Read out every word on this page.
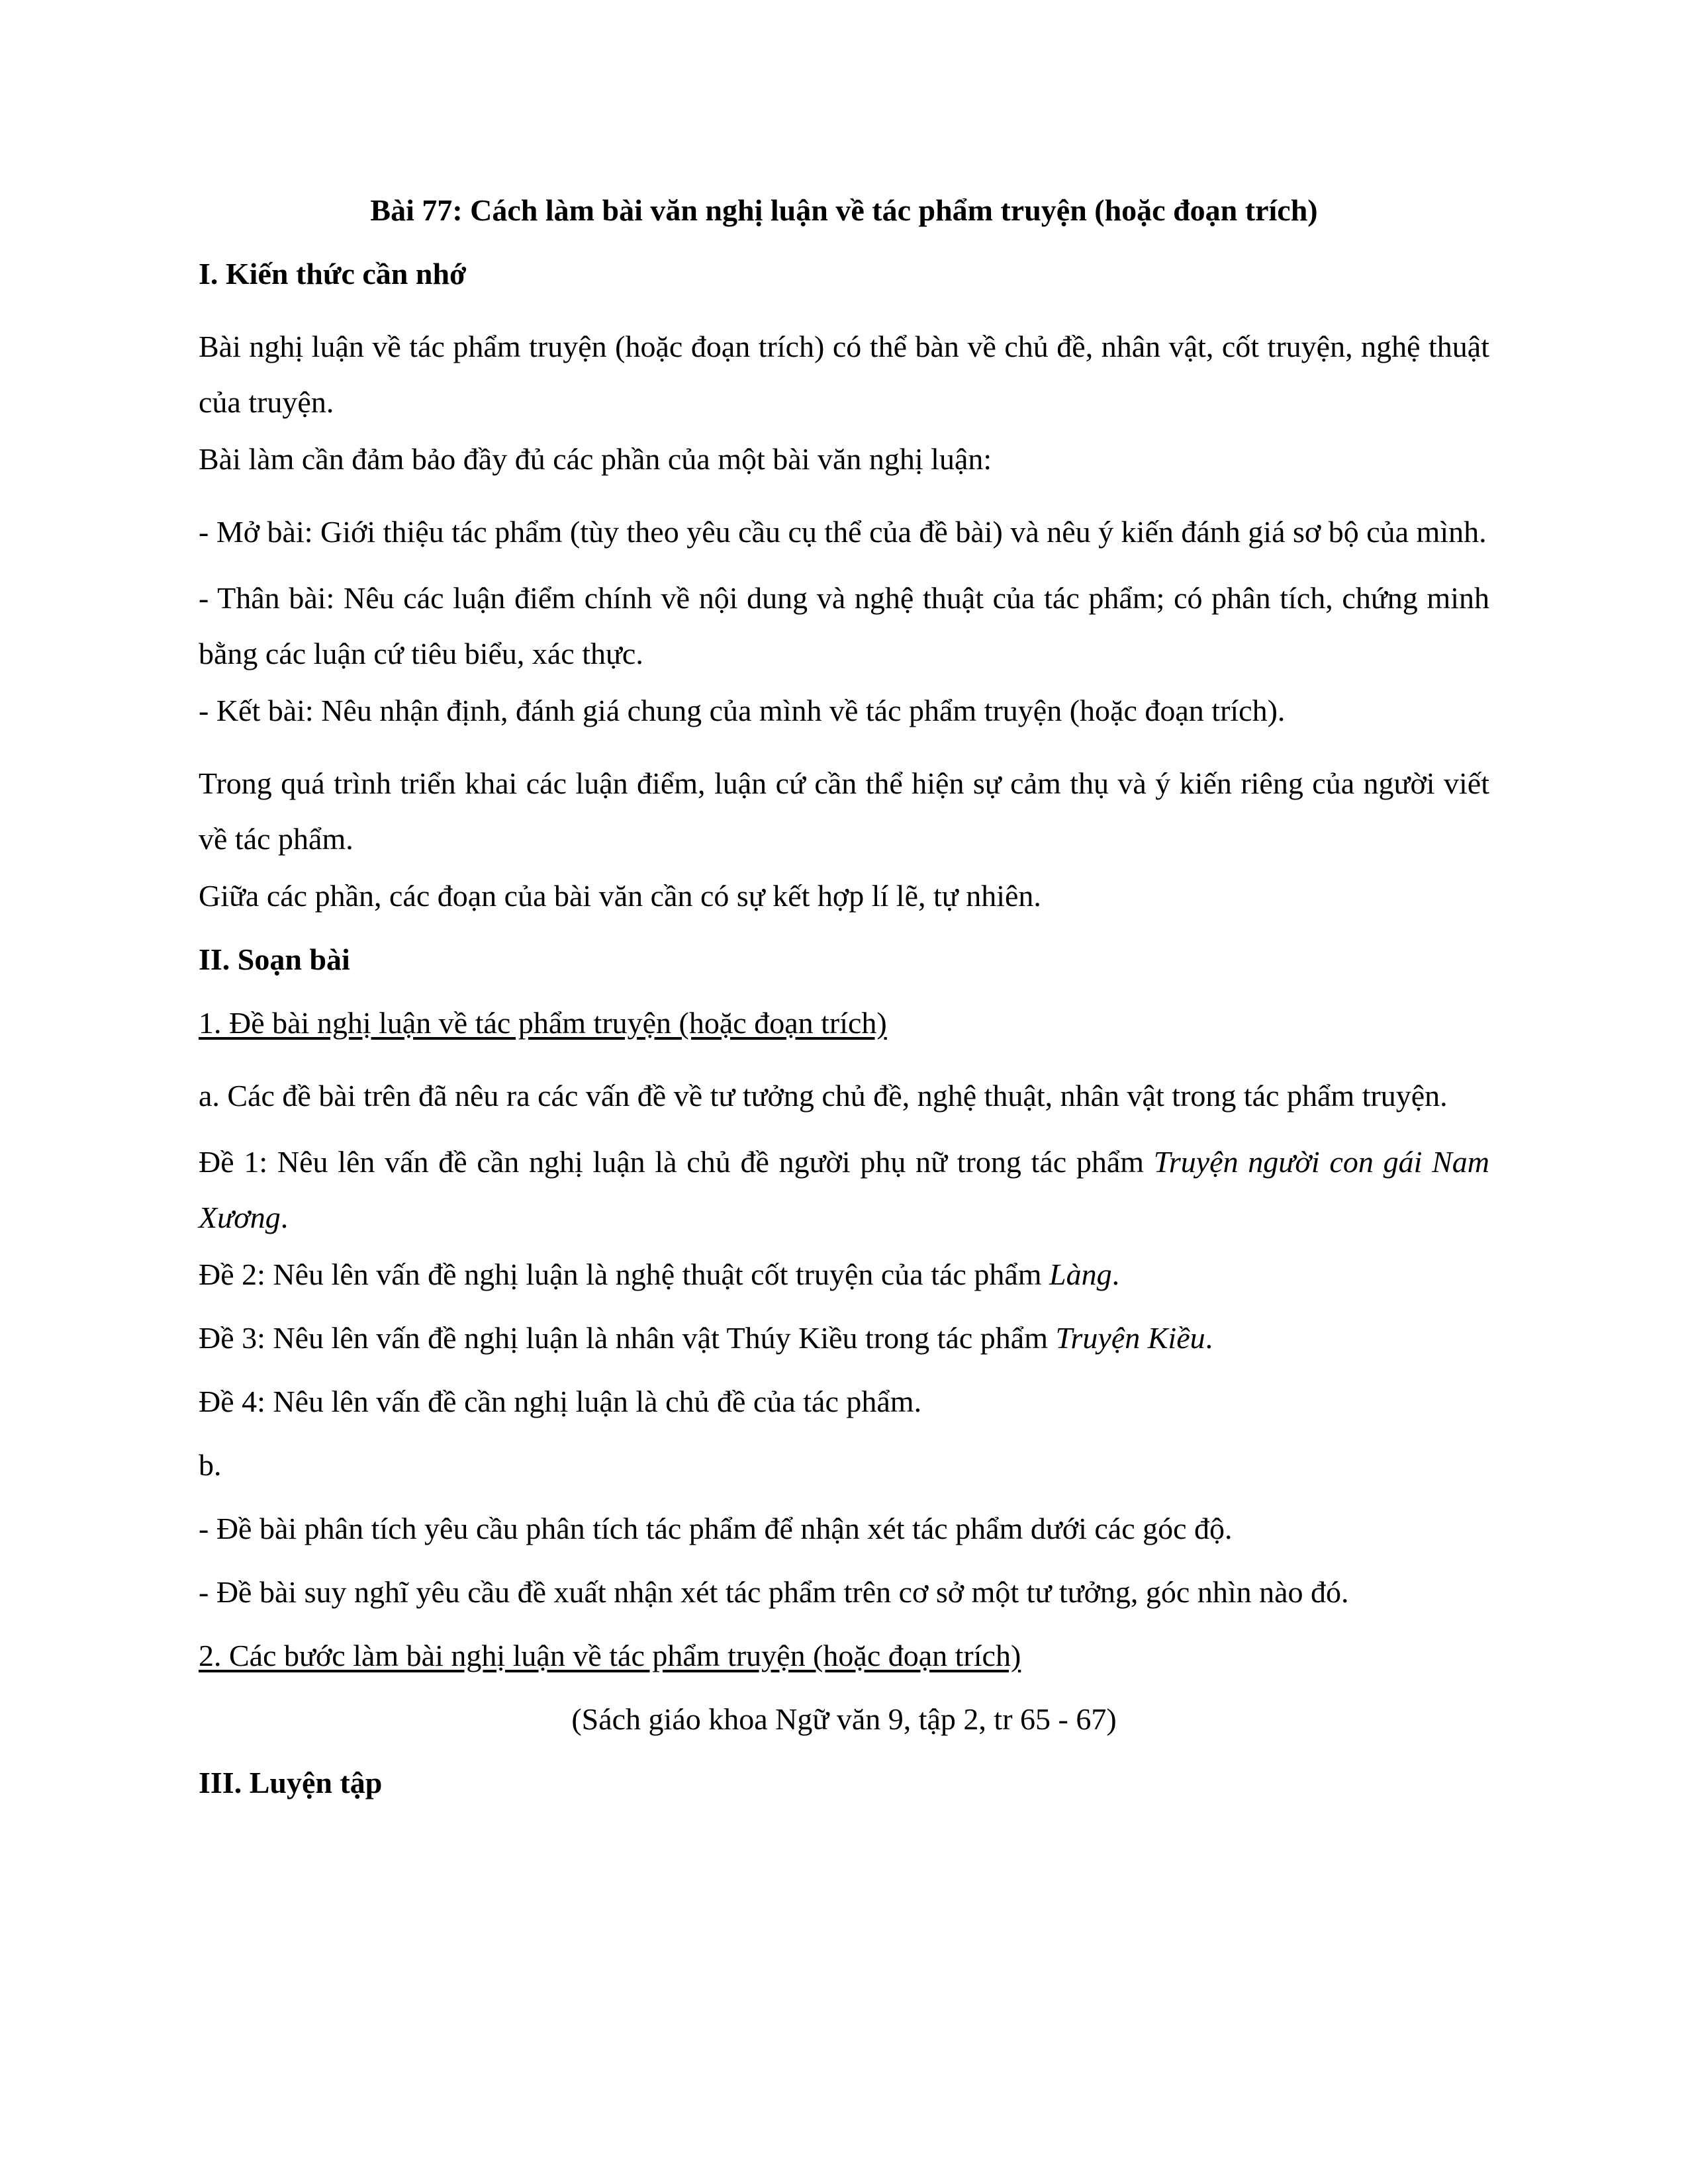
Bài 77: Cách làm bài văn nghị luận về tác phẩm truyện (hoặc đoạn trích)
I. Kiến thức cần nhớ
Bài nghị luận về tác phẩm truyện (hoặc đoạn trích) có thể bàn về chủ đề, nhân vật, cốt truyện, nghệ thuật của truyện.
Bài làm cần đảm bảo đầy đủ các phần của một bài văn nghị luận:
- Mở bài: Giới thiệu tác phẩm (tùy theo yêu cầu cụ thể của đề bài) và nêu ý kiến đánh giá sơ bộ của mình.
- Thân bài: Nêu các luận điểm chính về nội dung và nghệ thuật của tác phẩm; có phân tích, chứng minh bằng các luận cứ tiêu biểu, xác thực.
- Kết bài: Nêu nhận định, đánh giá chung của mình về tác phẩm truyện (hoặc đoạn trích).
Trong quá trình triển khai các luận điểm, luận cứ cần thể hiện sự cảm thụ và ý kiến riêng của người viết về tác phẩm.
Giữa các phần, các đoạn của bài văn cần có sự kết hợp lí lẽ, tự nhiên.
II. Soạn bài
1. Đề bài nghị luận về tác phẩm truyện (hoặc đoạn trích)
a. Các đề bài trên đã nêu ra các vấn đề về tư tưởng chủ đề, nghệ thuật, nhân vật trong tác phẩm truyện.
Đề 1: Nêu lên vấn đề cần nghị luận là chủ đề người phụ nữ trong tác phẩm Truyện người con gái Nam Xương.
Đề 2: Nêu lên vấn đề nghị luận là nghệ thuật cốt truyện của tác phẩm Làng.
Đề 3: Nêu lên vấn đề nghị luận là nhân vật Thúy Kiều trong tác phẩm Truyện Kiều.
Đề 4: Nêu lên vấn đề cần nghị luận là chủ đề của tác phẩm.
b.
- Đề bài phân tích yêu cầu phân tích tác phẩm để nhận xét tác phẩm dưới các góc độ.
- Đề bài suy nghĩ yêu cầu đề xuất nhận xét tác phẩm trên cơ sở một tư tưởng, góc nhìn nào đó.
2. Các bước làm bài nghị luận về tác phẩm truyện (hoặc đoạn trích)
(Sách giáo khoa Ngữ văn 9, tập 2, tr 65 - 67)
III. Luyện tập
